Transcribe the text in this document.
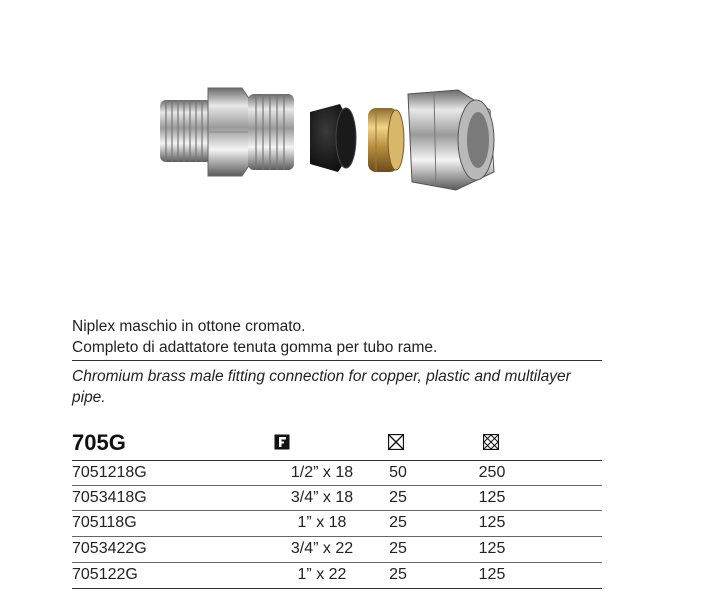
Niplex maschio in ottone cromato.
Completo di adattatore tenuta gomma per tubo rame.
Chromium brass male fitting connection for copper, plastic and multilayer pipe.
705G
7051218G	1/2” x 18	50	250
7053418G	3/4” x 18	25	125
705118G	1” x 18	25	125
7053422G	3/4” x 22	25	125
705122G	1” x 22	25	125
